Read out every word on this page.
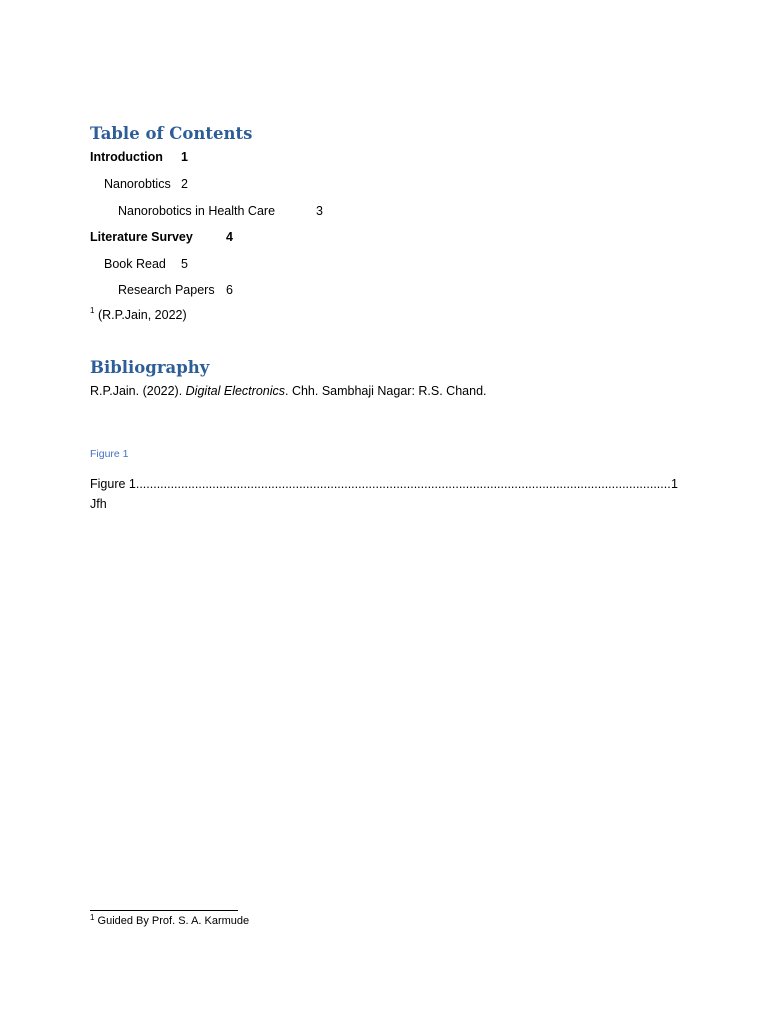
Table of Contents
Introduction 1
Nanorobtics 2
Nanorobotics in Health Care	3
Literature Survey	4
Book Read 5
Research Papers 6
$^1$ (R.P.Jain, 2022)
Bibliography
R.P.Jain. (2022). Digital Electronics. Chh. Sambhaji Nagar: R.S. Chand.
Figure 1
Figure 1 .....	1
Jfh
$^1$ Guided By Prof. S. A. Karmude
